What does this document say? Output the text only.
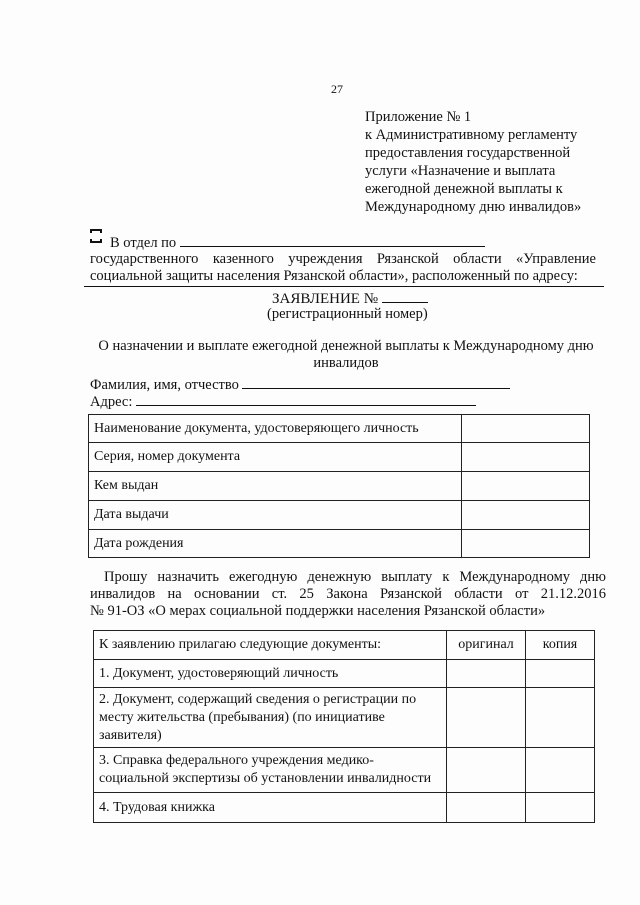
27
Приложение № 1
к Административному регламенту
предоставления государственной
услуги «Назначение и выплата
ежегодной денежной выплаты к
Международному дню инвалидов»
В отдел по
государственного казенного учреждения Рязанской области «Управление
социальной защиты населения Рязанской области», расположенный по адресу:
ЗАЯВЛЕНИЕ №
(регистрационный номер)
О назначении и выплате ежегодной денежной выплаты к Международному дню
инвалидов
Фамилия, имя, отчество
Адрес:
Наименование документа, удостоверяющего личность	
Серия, номер документа	
Кем выдан	
Дата выдачи	
Дата рождения	
Прошу назначить ежегодную денежную выплату к Международному дню
инвалидов на основании ст. 25 Закона Рязанской области от 21.12.2016
№ 91-ОЗ «О мерах социальной поддержки населения Рязанской области»
К заявлению прилагаю следующие документы:	оригинал	копия

1. Документ, удостоверяющий личность		

2. Документ, содержащий сведения о регистрации по
месту жительства (пребывания) (по инициативе
заявителя)		

3. Справка федерального учреждения медико-
социальной экспертизы об установлении инвалидности		

4. Трудовая книжка		
